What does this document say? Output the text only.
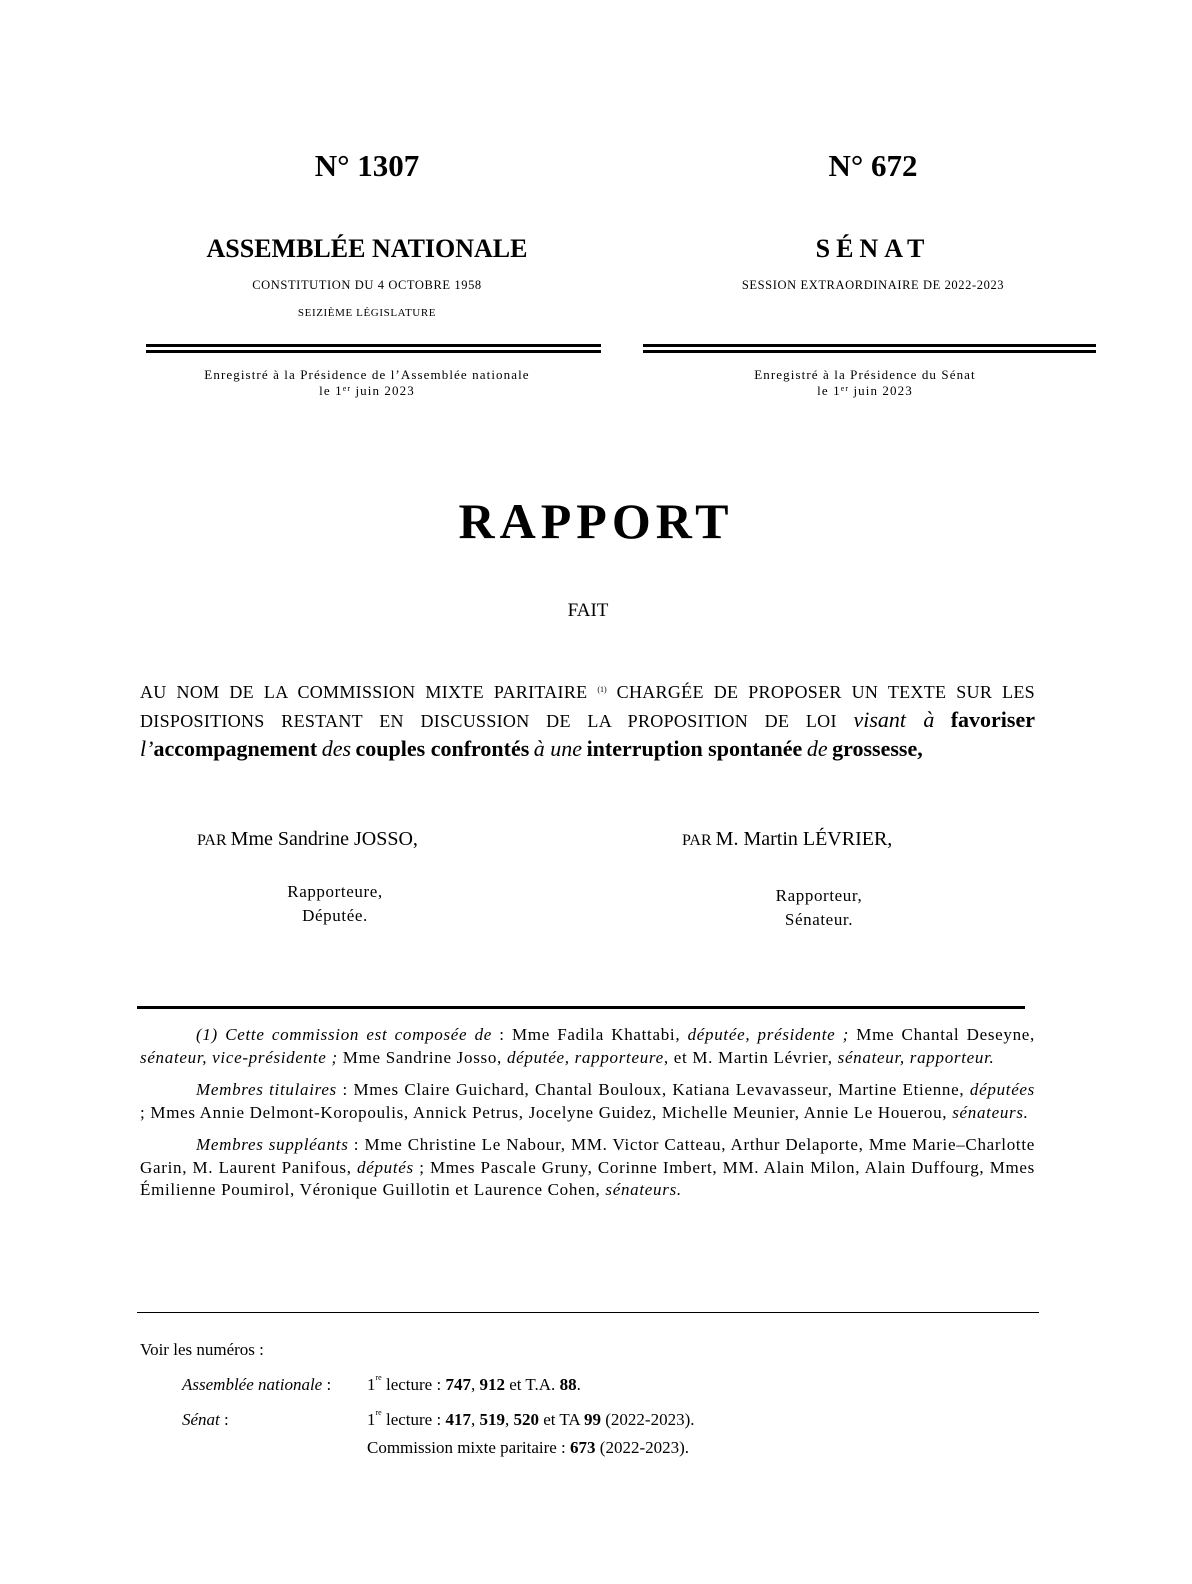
N° 1307
ASSEMBLÉE NATIONALE
CONSTITUTION DU 4 OCTOBRE 1958
SEIZIÈME LÉGISLATURE
Enregistré à la Présidence de l’Assemblée nationale
le 1er juin 2023
N° 672
SÉNAT
SESSION EXTRAORDINAIRE DE 2022-2023
Enregistré à la Présidence du Sénat
le 1er juin 2023
RAPPORT
FAIT
AU NOM DE LA COMMISSION MIXTE PARITAIRE $^{(1)}$ CHARGÉE DE PROPOSER UN TEXTE SUR LES DISPOSITIONS RESTANT EN DISCUSSION DE LA PROPOSITION DE LOI visant à favoriser l’accompagnement des couples confrontés à une interruption spontanée de grossesse,
PAR Mme Sandrine JOSSO,
Rapporteure,
Députée.
PAR M. Martin LÉVRIER,
Rapporteur,
Sénateur.

(1) Cette commission est composée de : Mme Fadila Khattabi, députée, présidente ; Mme Chantal Deseyne, sénateur, vice-présidente ; Mme Sandrine Josso, députée, rapporteure, et M. Martin Lévrier, sénateur, rapporteur.

Membres titulaires : Mmes Claire Guichard, Chantal Bouloux, Katiana Levavasseur, Martine Etienne, députées ; Mmes Annie Delmont-Koropoulis, Annick Petrus, Jocelyne Guidez, Michelle Meunier, Annie Le Houerou, sénateurs.

Membres suppléants : Mme Christine Le Nabour, MM. Victor Catteau, Arthur Delaporte, Mme Marie–Charlotte Garin, M. Laurent Panifous, députés ; Mmes Pascale Gruny, Corinne Imbert, MM. Alain Milon, Alain Duffourg, Mmes Émilienne Poumirol, Véronique Guillotin et Laurence Cohen, sénateurs.

Voir les numéros :
Assemblée nationale : 1re lecture : 747, 912 et T.A. 88.
Sénat :	1re lecture : 417, 519, 520 et TA 99 (2022-2023).
Commission mixte paritaire : 673 (2022-2023).
